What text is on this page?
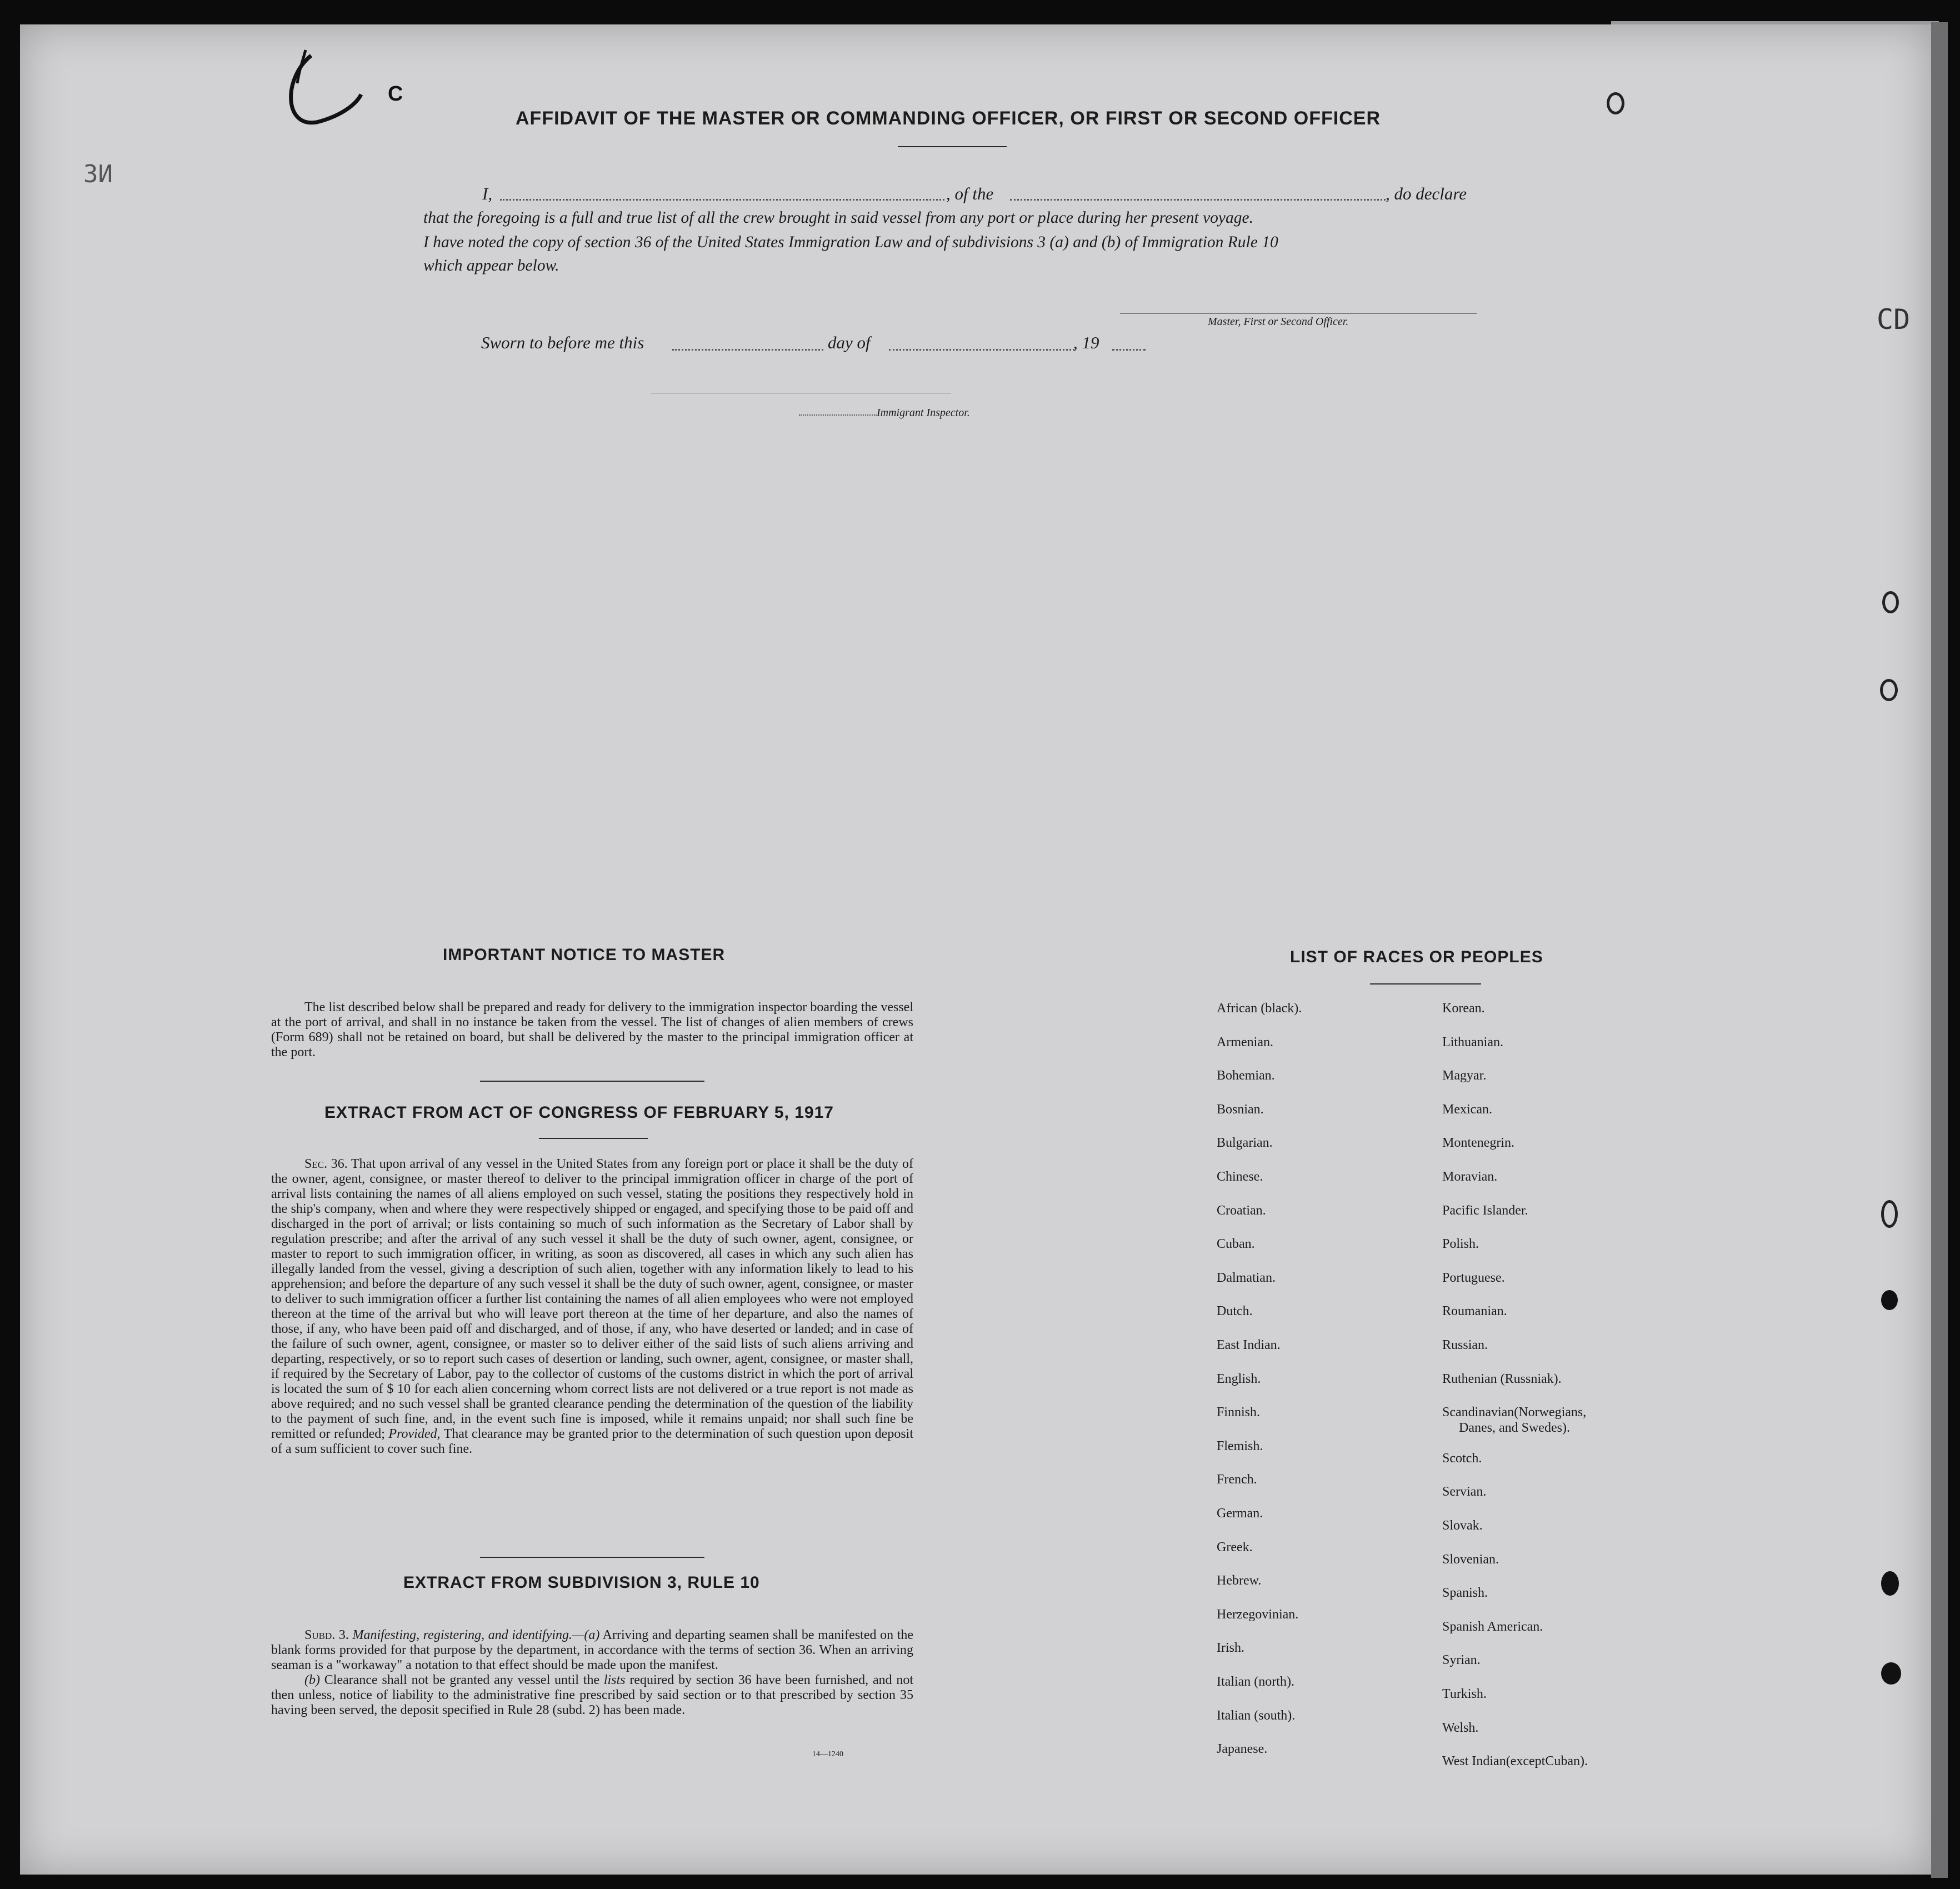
C
ЗИ
CD
AFFIDAVIT OF THE MASTER OR COMMANDING OFFICER, OR FIRST OR SECOND OFFICER
I,	, of the	, do declare
that the foregoing is a full and true list of all the crew brought in said vessel from any port or place during her present voyage.
I have noted the copy of section 36 of the United States Immigration Law and of subdivisions 3 (a) and (b) of Immigration Rule 10
which appear below.
Master, First or Second Officer.
Sworn to before me this	day of	, 19
Immigrant Inspector.
IMPORTANT NOTICE TO MASTER
The list described below shall be prepared and ready for delivery to the immigration inspector boarding the vessel at the port of arrival, and shall in no instance be taken from the vessel. The list of changes of alien members of crews (Form 689) shall not be retained on board, but shall be delivered by the master to the principal immigration officer at the port.
EXTRACT FROM ACT OF CONGRESS OF FEBRUARY 5, 1917
Sec. 36. That upon arrival of any vessel in the United States from any foreign port or place it shall be the duty of the owner, agent, consignee, or master thereof to deliver to the principal immigration officer in charge of the port of arrival lists containing the names of all aliens employed on such vessel, stating the positions they respectively hold in the ship's company, when and where they were respectively shipped or engaged, and specifying those to be paid off and discharged in the port of arrival; or lists containing so much of such information as the Secretary of Labor shall by regulation prescribe; and after the arrival of any such vessel it shall be the duty of such owner, agent, consignee, or master to report to such immigration officer, in writing, as soon as discovered, all cases in which any such alien has illegally landed from the vessel, giving a description of such alien, together with any information likely to lead to his apprehension; and before the departure of any such vessel it shall be the duty of such owner, agent, consignee, or master to deliver to such immigration officer a further list containing the names of all alien employees who were not employed thereon at the time of the arrival but who will leave port thereon at the time of her departure, and also the names of those, if any, who have been paid off and discharged, and of those, if any, who have deserted or landed; and in case of the failure of such owner, agent, consignee, or master so to deliver either of the said lists of such aliens arriving and departing, respectively, or so to report such cases of desertion or landing, such owner, agent, consignee, or master shall, if required by the Secretary of Labor, pay to the collector of customs of the customs district in which the port of arrival is located the sum of $ 10 for each alien concerning whom correct lists are not delivered or a true report is not made as above required; and no such vessel shall be granted clearance pending the determination of the question of the liability to the payment of such fine, and, in the event such fine is imposed, while it remains unpaid; nor shall such fine be remitted or refunded; Provided, That clearance may be granted prior to the determination of such question upon deposit of a sum sufficient to cover such fine.
EXTRACT FROM SUBDIVISION 3, RULE 10
Subd. 3. Manifesting, registering, and identifying.—(a) Arriving and departing seamen shall be manifested on the blank forms provided for that purpose by the department, in accordance with the terms of section 36. When an arriving seaman is a "workaway" a notation to that effect should be made upon the manifest.
(b) Clearance shall not be granted any vessel until the lists required by section 36 have been furnished, and not then unless, notice of liability to the administrative fine prescribed by said section or to that prescribed by section 35 having been served, the deposit specified in Rule 28 (subd. 2) has been made.
14—1240
LIST OF RACES OR PEOPLES
African (black).
Armenian.
Bohemian.
Bosnian.
Bulgarian.
Chinese.
Croatian.
Cuban.
Dalmatian.
Dutch.
East Indian.
English.
Finnish.
Flemish.
French.
German.
Greek.
Hebrew.
Herzegovinian.
Irish.
Italian (north).
Italian (south).
Japanese.
Korean.
Lithuanian.
Magyar.
Mexican.
Montenegrin.
Moravian.
Pacific Islander.
Polish.
Portuguese.
Roumanian.
Russian.
Ruthenian (Russniak).
Scandinavian(Norwegians,
Scotch.
Servian.
Slovak.
Slovenian.
Spanish.
Spanish American.
Syrian.
Turkish.
Welsh.
West Indian(exceptCuban).
Danes, and Swedes).
